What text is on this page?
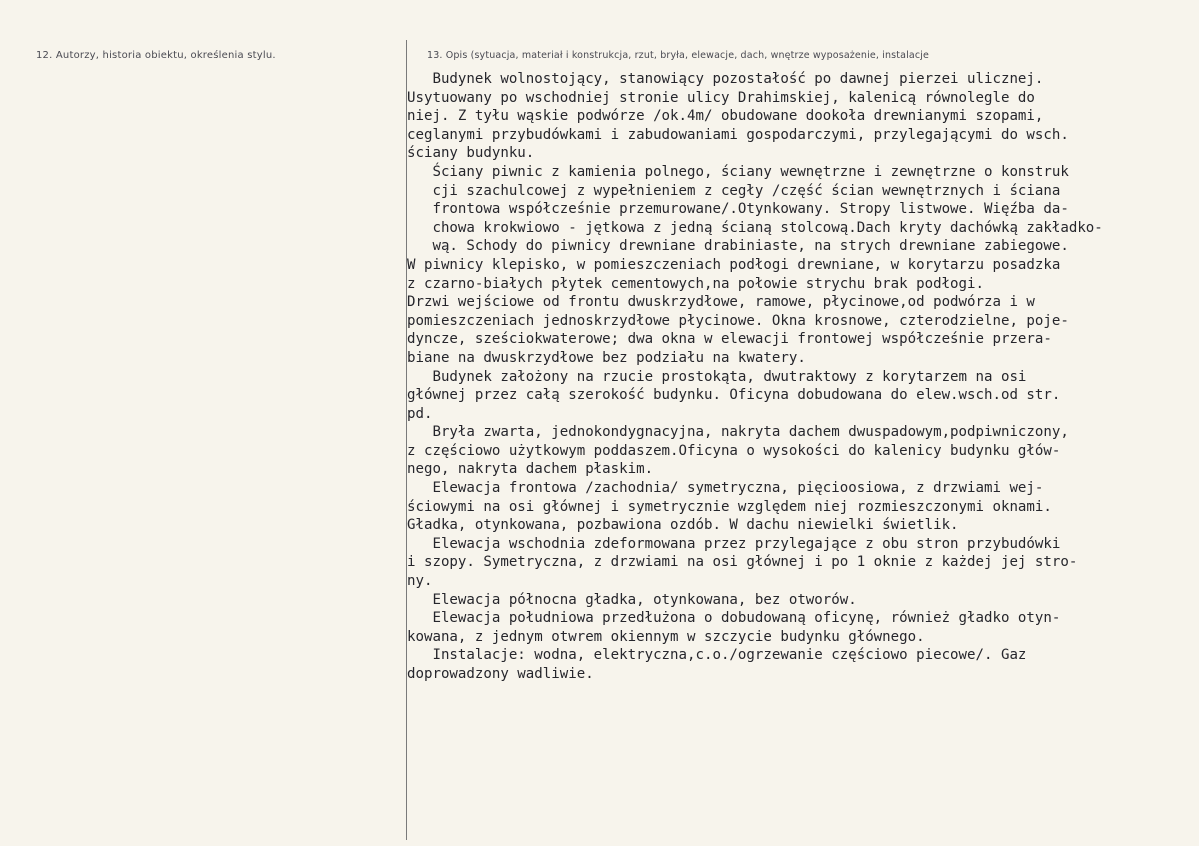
12. Autorzy, historia obiektu, określenia stylu.	13. Opis (sytuacja, materiał i konstrukcja, rzut, bryła, elewacje, dach, wnętrze wyposażenie, instalacje
Budynek wolnostojący, stanowiący pozostałość po dawnej pierzei ulicznej.
Usytuowany po wschodniej stronie ulicy Drahimskiej, kalenicą równolegle do
niej. Z tyłu wąskie podwórze /ok.4m/ obudowane dookoła drewnianymi szopami,
ceglanymi przybudówkami i zabudowaniami gospodarczymi, przylegającymi do wsch.
ściany budynku.
Ściany piwnic z kamienia polnego, ściany wewnętrzne i zewnętrzne o konstruk
cji szachulcowej z wypełnieniem z cegły /część ścian wewnętrznych i ściana
frontowa współcześnie przemurowane/.Otynkowany. Stropy listwowe. Więźba da-
chowa krokwiowo - jętkowa z jedną ścianą stolcową.Dach kryty dachówką zakładko-
wą. Schody do piwnicy drewniane drabiniaste, na strych drewniane zabiegowe.
W piwnicy klepisko, w pomieszczeniach podłogi drewniane, w korytarzu posadzka
z czarno-białych płytek cementowych,na połowie strychu brak podłogi.
Drzwi wejściowe od frontu dwuskrzydłowe, ramowe, płycinowe,od podwórza i w
pomieszczeniach jednoskrzydłowe płycinowe. Okna krosnowe, czterodzielne, poje-
dyncze, sześciokwaterowe; dwa okna w elewacji frontowej współcześnie przera-
biane na dwuskrzydłowe bez podziału na kwatery.
Budynek założony na rzucie prostokąta, dwutraktowy z korytarzem na osi
głównej przez całą szerokość budynku. Oficyna dobudowana do elew.wsch.od str.
pd.
Bryła zwarta, jednokondygnacyjna, nakryta dachem dwuspadowym,podpiwniczony,
z częściowo użytkowym poddaszem.Oficyna o wysokości do kalenicy budynku głów-
nego, nakryta dachem płaskim.
Elewacja frontowa /zachodnia/ symetryczna, pięcioosiowa, z drzwiami wej-
ściowymi na osi głównej i symetrycznie względem niej rozmieszczonymi oknami.
Gładka, otynkowana, pozbawiona ozdób. W dachu niewielki świetlik.
Elewacja wschodnia zdeformowana przez przylegające z obu stron przybudówki
i szopy. Symetryczna, z drzwiami na osi głównej i po 1 oknie z każdej jej stro-
ny.
Elewacja północna gładka, otynkowana, bez otworów.
Elewacja południowa przedłużona o dobudowaną oficynę, również gładko otyn-
kowana, z jednym otwrem okiennym w szczycie budynku głównego.
Instalacje: wodna, elektryczna,c.o./ogrzewanie częściowo piecowe/. Gaz
doprowadzony wadliwie.
